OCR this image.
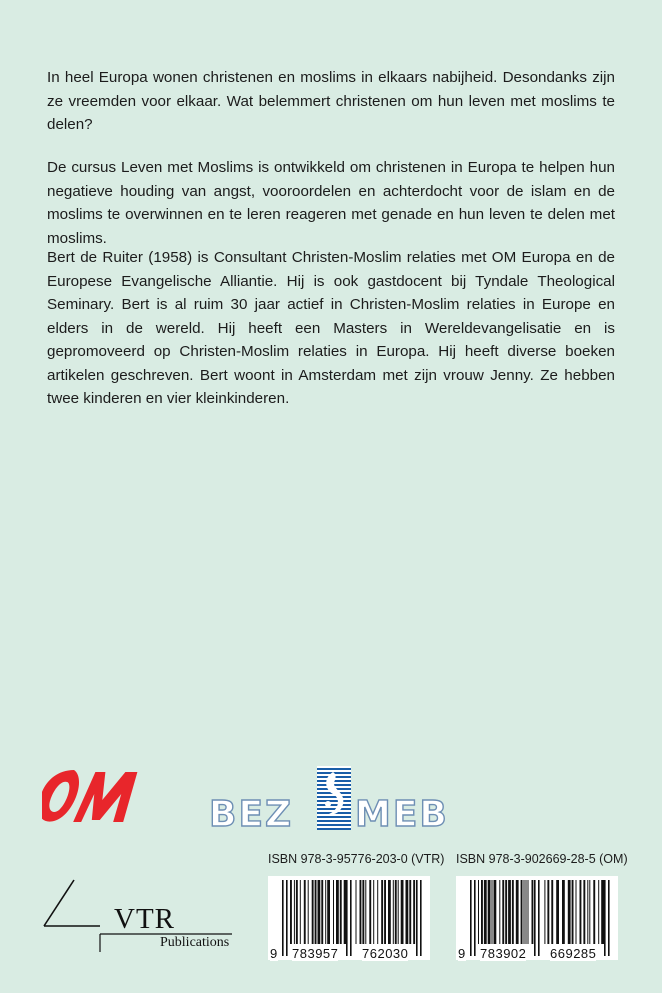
In heel Europa wonen christenen en moslims in elkaars nabijheid. Desondanks zijn ze vreemden voor elkaar. Wat belemmert christenen om hun leven met moslims te delen?

De cursus Leven met Moslims is ontwikkeld om christenen in Europa te helpen hun negatieve houding van angst, vooroordelen en achterdocht voor de islam en de moslims te overwinnen en te leren reageren met genade en hun leven te delen met moslims.

Bert de Ruiter (1958) is Consultant Christen-Moslim relaties met OM Europa en de Europese Evangelische Alliantie. Hij is ook gastdocent bij Tyndale Theological Seminary. Bert is al ruim 30 jaar actief in Christen-Moslim relaties in Europe en elders in de wereld. Hij heeft een Masters in Wereldevangelisatie en is gepromoveerd op Christen-Moslim relaties in Europa. Hij heeft diverse boeken artikelen geschreven. Bert woont in Amsterdam met zijn vrouw Jenny. Ze hebben twee kinderen en vier kleinkinderen.

BEZ MEB
VTR
Publications
ISBN 978-3-95776-203-0 (VTR) ISBN 978-3-902669-28-5 (OM)
9 783957 762030	9 783902 669285
